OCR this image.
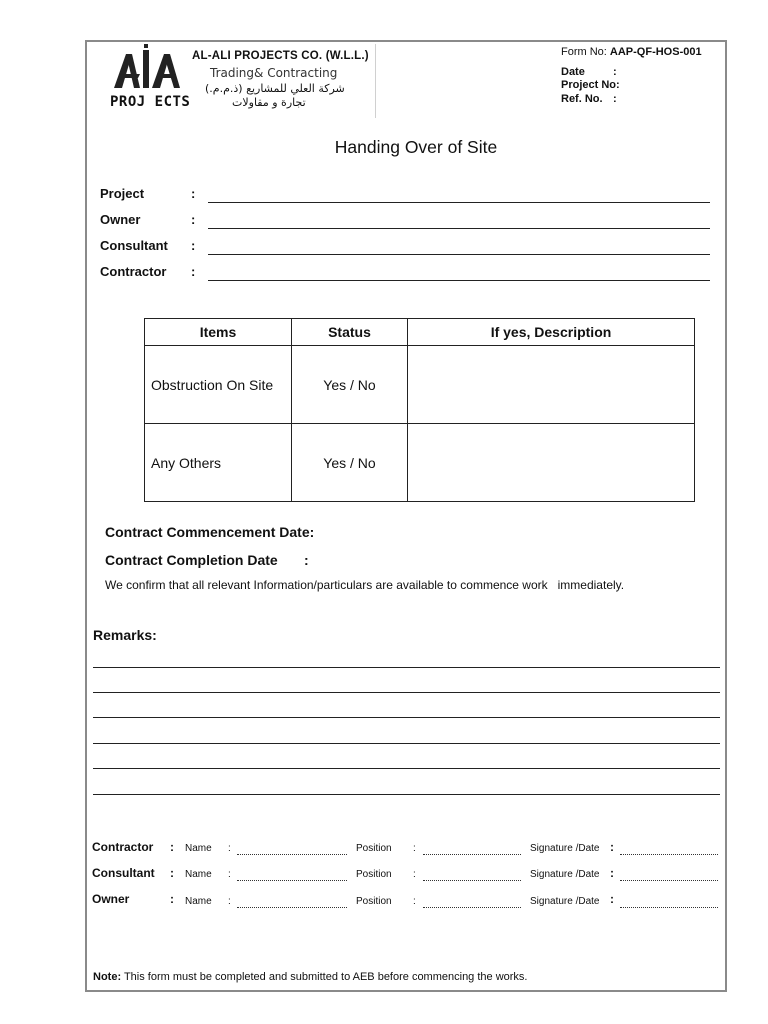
PROJ ECTS
AL-ALI PROJECTS CO. (W.L.L.)
Trading& Contracting
شركة العلي للمشاريع (ذ.م.م.)
تجارة و مقاولات
Form No: AAP-QF-HOS-001
Date	:
Project No:
Ref. No. :
Handing Over of Site
Project	:
Owner	:
Consultant :
Contractor :
Items	Status	If yes, Description
Obstruction On Site	Yes / No	
Any Others	Yes / No	
Contract Commencement Date:
Contract Completion Date :
We confirm that all relevant Information/particulars are available to commence work   immediately.
Remarks:
Contractor : Name :	Position :	Signature /Date :
Consultant : Name :	Position :	Signature /Date :
Owner	: Name :	Position :	Signature /Date :
Note: This form must be completed and submitted to AEB before commencing the works.
